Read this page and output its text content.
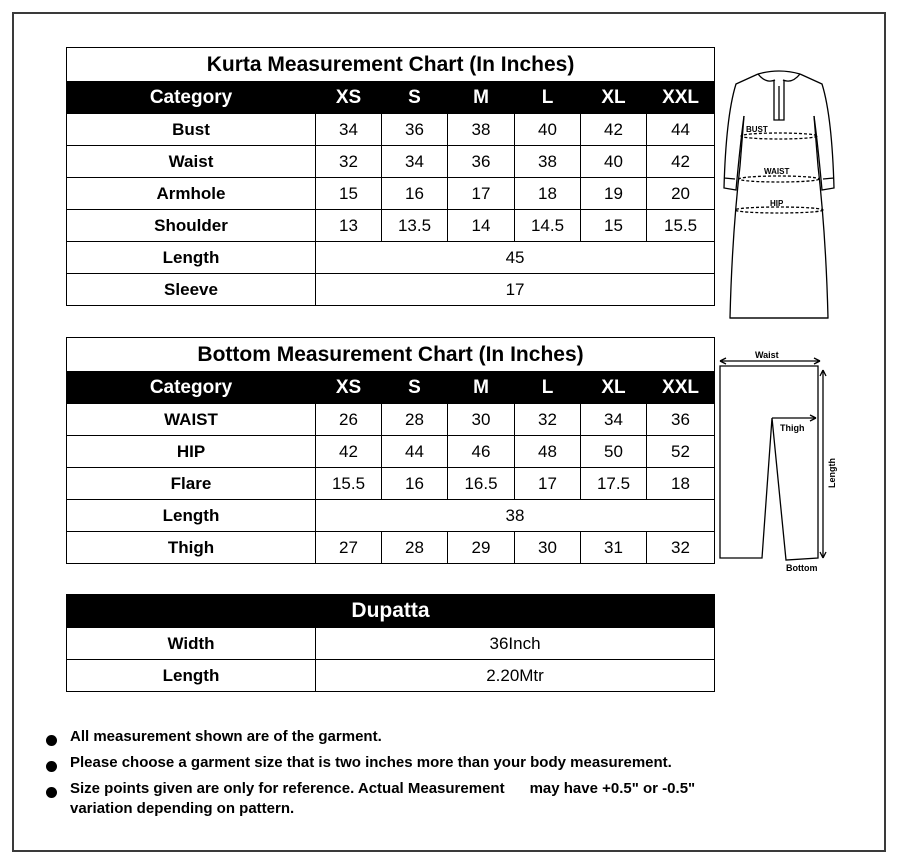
Kurta Measurement Chart (In Inches)						
Category	XS	S	M	L	XL	XXL
Bust	34	36	38	40	42	44
Waist	32	34	36	38	40	42
Armhole	15	16	17	18	19	20
Shoulder	13	13.5	14	14.5	15	15.5
Length	45					
Sleeve	17					
BUST
WAIST
HIP
Bottom Measurement Chart (In Inches)						
Category	XS	S	M	L	XL	XXL
WAIST	26	28	30	32	34	36
HIP	42	44	46	48	50	52
Flare	15.5	16	16.5	17	17.5	18
Length	38					
Thigh	27	28	29	30	31	32
Waist
Thigh
Length
Bottom
Dupatta	
Width	36Inch
Length	2.20Mtr
All measurement shown are of the garment.
Please choose a garment size that is two inches more than your body measurement.
Size points given are only for reference. Actual Measurement      may have +0.5" or -0.5" variation depending on pattern.
